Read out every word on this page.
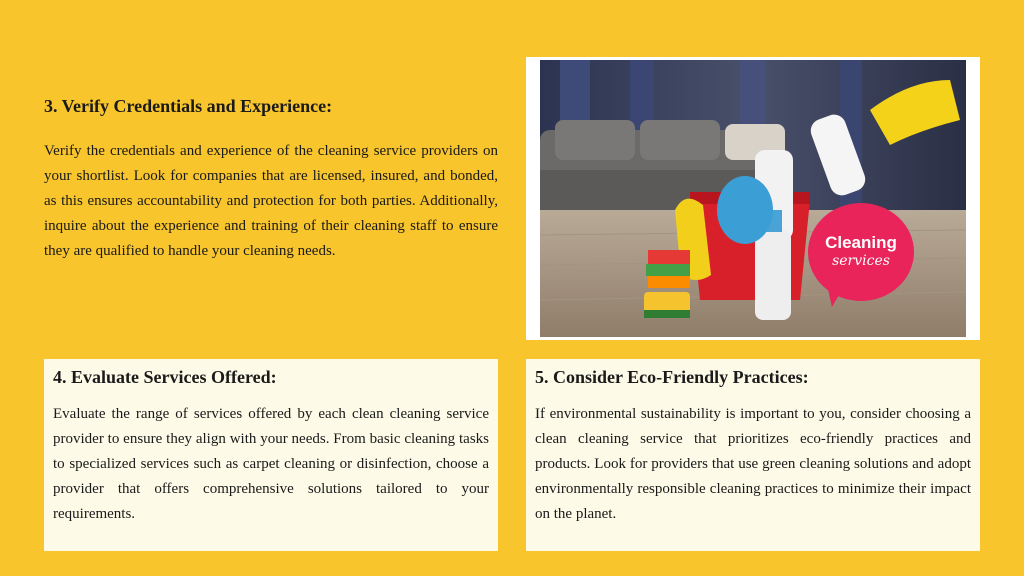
3. Verify Credentials and Experience:

Verify the credentials and experience of the cleaning service providers on your shortlist. Look for companies that are licensed, insured, and bonded, as this ensures accountability and protection for both parties. Additionally, inquire about the experience and training of their cleaning staff to ensure they are qualified to handle your cleaning needs.	Cleaning
services
4. Evaluate Services Offered:

Evaluate the range of services offered by each clean cleaning service provider to ensure they align with your needs. From basic cleaning tasks to specialized services such as carpet cleaning or disinfection, choose a provider that offers comprehensive solutions tailored to your requirements.

5. Consider Eco-Friendly Practices:

If environmental sustainability is important to you, consider choosing a clean cleaning service that prioritizes eco-friendly practices and products. Look for providers that use green cleaning solutions and adopt environmentally responsible cleaning practices to minimize their impact on the planet.
